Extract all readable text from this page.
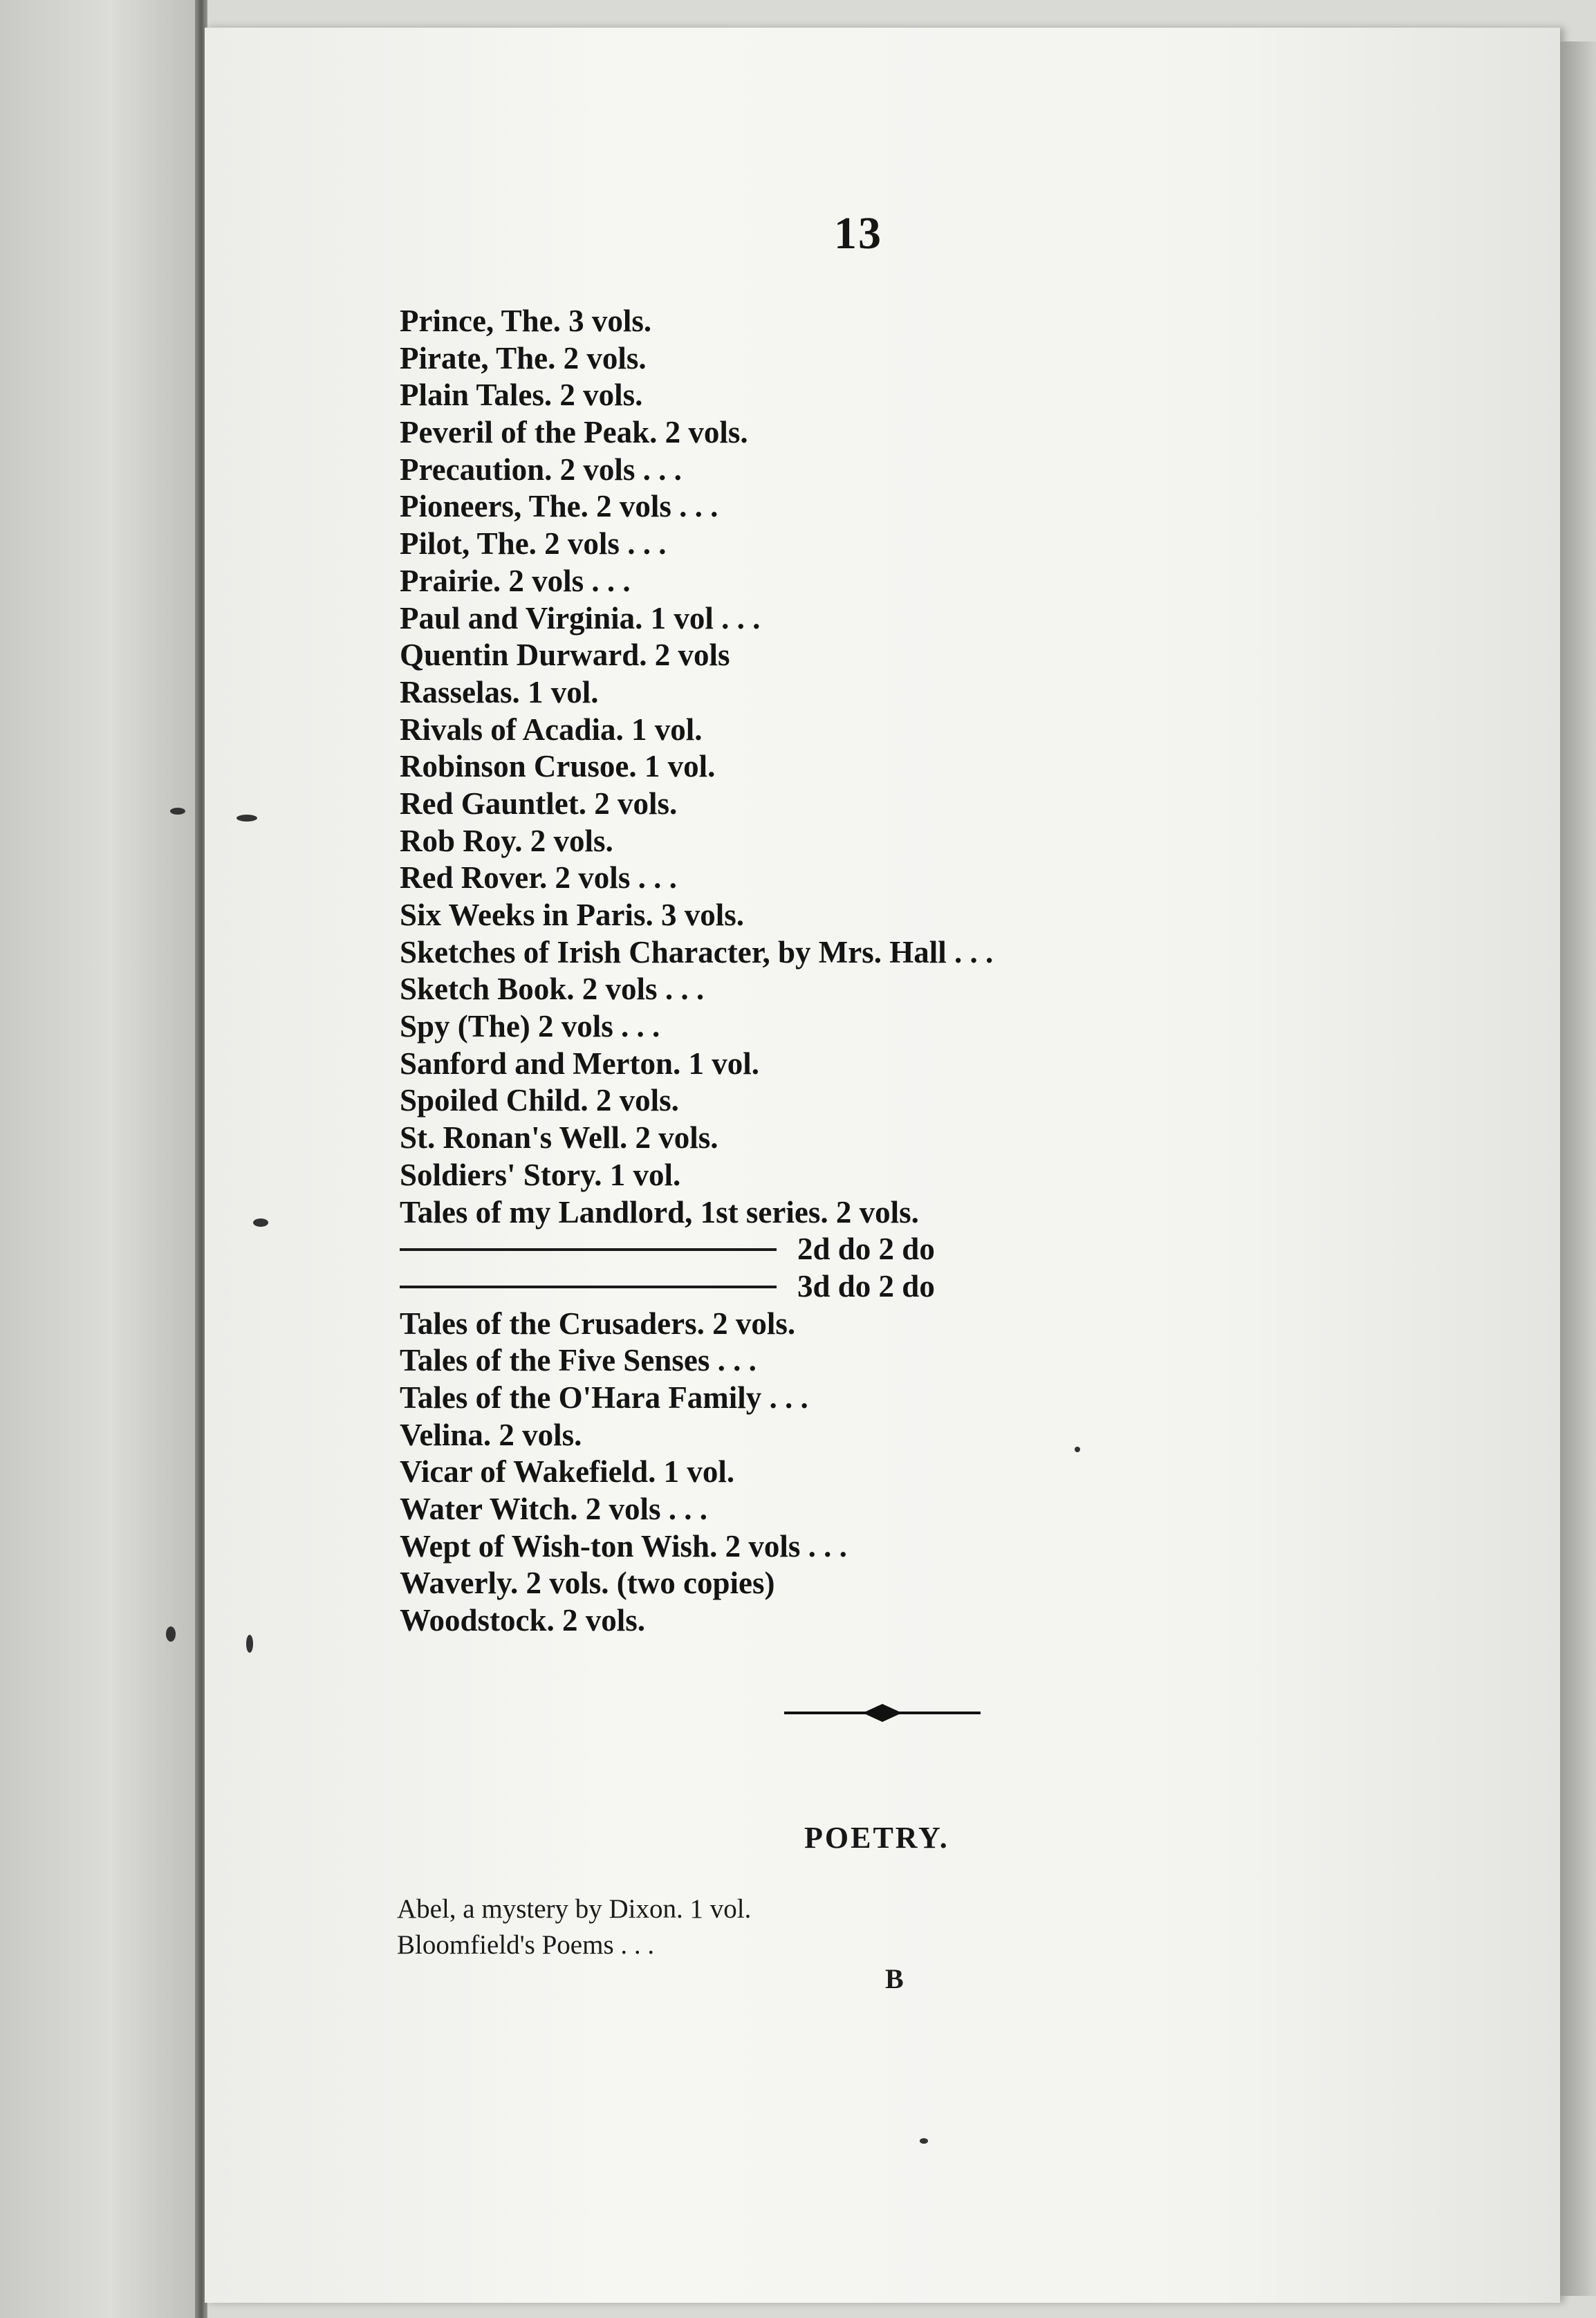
13
Prince, The. 3 vols.
Pirate, The. 2 vols.
Plain Tales. 2 vols.
Peveril of the Peak. 2 vols.
Precaution. 2 vols . . .
Pioneers, The. 2 vols . . .
Pilot, The. 2 vols . . .
Prairie. 2 vols . . .
Paul and Virginia. 1 vol . . .
Quentin Durward. 2 vols
Rasselas. 1 vol.
Rivals of Acadia. 1 vol.
Robinson Crusoe. 1 vol.
Red Gauntlet. 2 vols.
Rob Roy. 2 vols.
Red Rover. 2 vols . . .
Six Weeks in Paris. 3 vols.
Sketches of Irish Character, by Mrs. Hall . . .
Sketch Book. 2 vols . . .
Spy (The) 2 vols . . .
Sanford and Merton. 1 vol.
Spoiled Child. 2 vols.
St. Ronan's Well. 2 vols.
Soldiers' Story. 1 vol.
Tales of my Landlord, 1st series. 2 vols.
2d do 2 do
3d do 2 do
Tales of the Crusaders. 2 vols.
Tales of the Five Senses . . .
Tales of the O'Hara Family . . .
Velina. 2 vols.
Vicar of Wakefield. 1 vol.
Water Witch. 2 vols . . .
Wept of Wish-ton Wish. 2 vols . . .
Waverly. 2 vols. (two copies)
Woodstock. 2 vols.
POETRY.
Abel, a mystery by Dixon. 1 vol.
Bloomfield's Poems . . .
B
